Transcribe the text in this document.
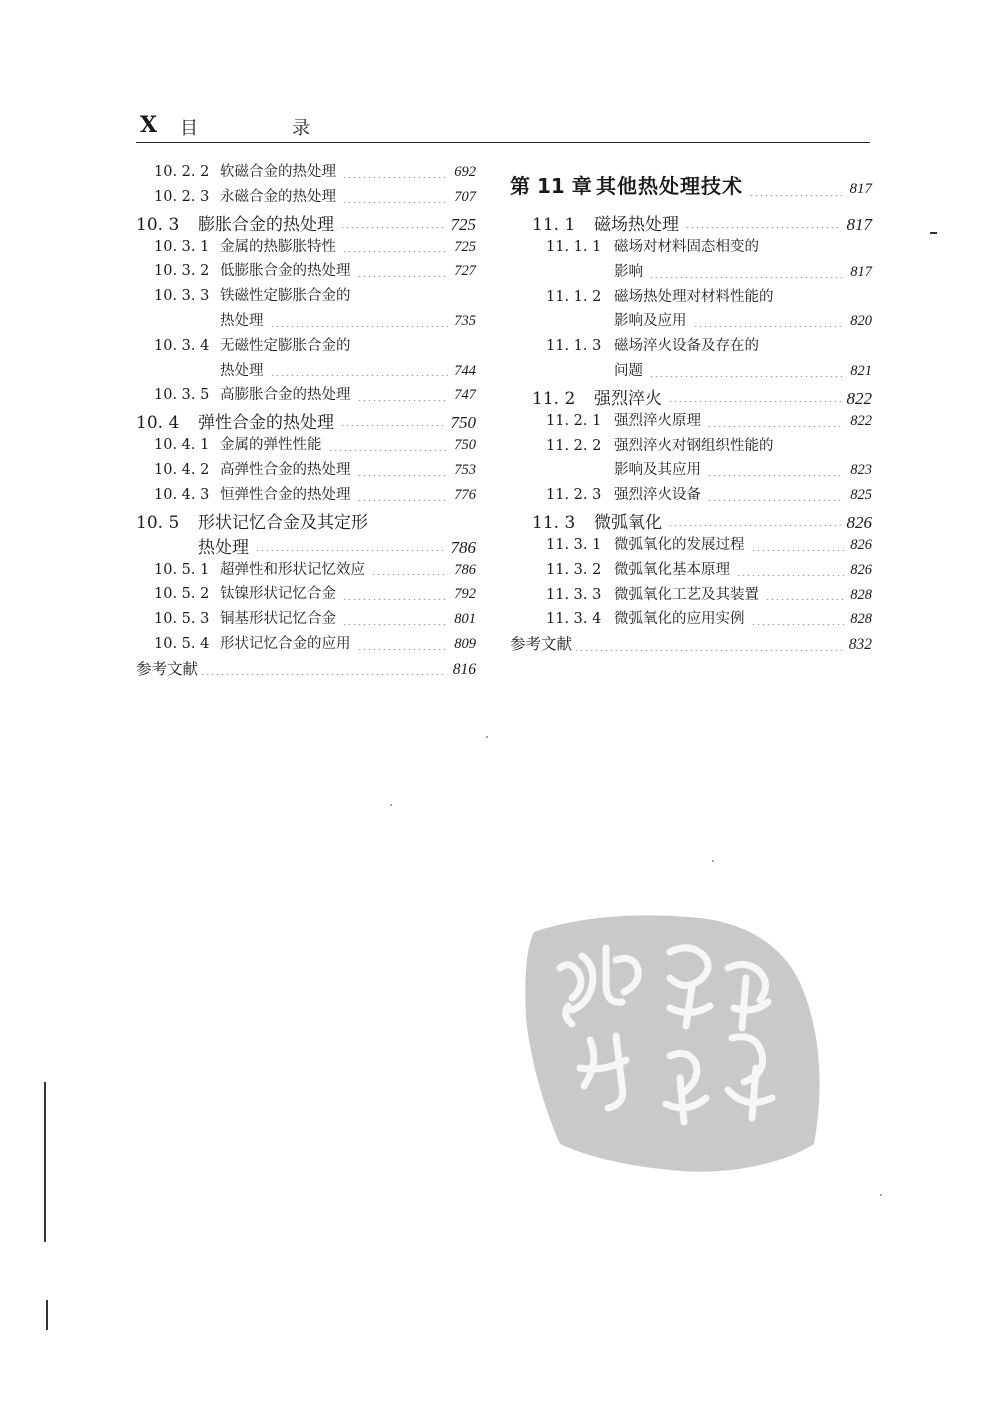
X 目　录
10. 2. 2 软磁合金的热处理	692
10. 2. 3 永磁合金的热处理	707
10. 3	膨胀合金的热处理	725
10. 3. 1 金属的热膨胀特性	725
10. 3. 2 低膨胀合金的热处理	727
10. 3. 3 铁磁性定膨胀合金的
热处理	735
10. 3. 4 无磁性定膨胀合金的
热处理	744
10. 3. 5 高膨胀合金的热处理	747
10. 4	弹性合金的热处理	750
10. 4. 1 金属的弹性性能	750
10. 4. 2 高弹性合金的热处理	753
10. 4. 3 恒弹性合金的热处理	776
10. 5	形状记忆合金及其定形
热处理	786
10. 5. 1 超弹性和形状记忆效应	786
10. 5. 2 钛镍形状记忆合金	792
10. 5. 3 铜基形状记忆合金	801
10. 5. 4 形状记忆合金的应用	809
参考文献	816
第 11 章 其他热处理技术	817
11. 1	磁场热处理	817
11. 1. 1 磁场对材料固态相变的
影响	817
11. 1. 2 磁场热处理对材料性能的
影响及应用	820
11. 1. 3 磁场淬火设备及存在的
问题	821
11. 2	强烈淬火	822
11. 2. 1 强烈淬火原理	822
11. 2. 2 强烈淬火对钢组织性能的
影响及其应用	823
11. 2. 3 强烈淬火设备	825
11. 3	微弧氧化	826
11. 3. 1 微弧氧化的发展过程	826
11. 3. 2 微弧氧化基本原理	826
11. 3. 3 微弧氧化工艺及其装置	828
11. 3. 4 微弧氧化的应用实例	828
参考文献	832
